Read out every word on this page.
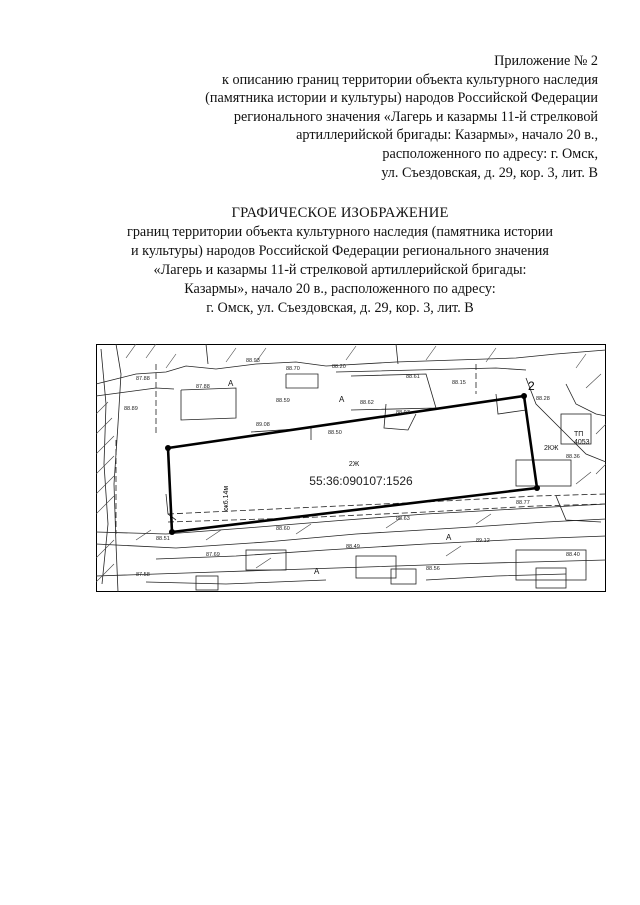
Приложение № 2
к описанию границ территории объекта культурного наследия
(памятника истории и культуры) народов Российской Федерации
регионального значения «Лагерь и казармы 11-й стрелковой
артиллерийской бригады: Казармы», начало 20 в.,
расположенного по адресу: г. Омск,
ул. Съездовская, д. 29, кор. 3, лит. В
ГРАФИЧЕСКОЕ ИЗОБРАЖЕНИЕ
границ территории объекта культурного наследия (памятника истории
и культуры) народов Российской Федерации регионального значения
«Лагерь и казармы 11-й стрелковой артиллерийской бригады:
Казармы», начало 20 в., расположенного по адресу:
г. Омск, ул. Съездовская, д. 29, кор. 3, лит. В
2Ж
55:36:090107:1526
2
2КЖ
ТП
4053
кж6.14м
А
А
А
А
88.93
88.70	88.20
87.88	88.61
88.15
87.88
88.59	88.62
88.97
89.08
88.50
88.89
88.28
88.36
88.77
88.63
88.60
88.51
87.69
88.49
89.12
88.56
88.40
87.58
